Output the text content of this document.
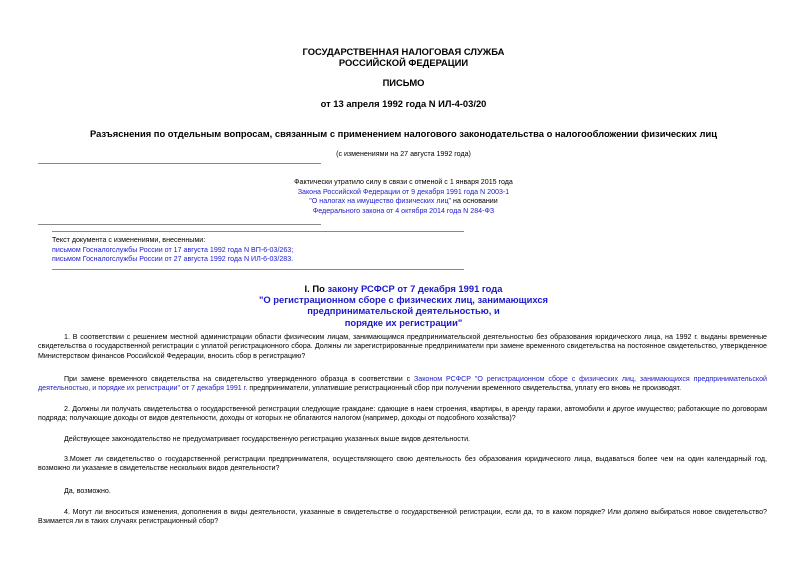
ГОСУДАРСТВЕННАЯ НАЛОГОВАЯ СЛУЖБА
РОССИЙСКОЙ ФЕДЕРАЦИИ
ПИСЬМО
от 13 апреля 1992 года N ИЛ-4-03/20
Разъяснения по отдельным вопросам, связанным с применением налогового законодательства о налогообложении физических лиц
(с изменениями на 27 августа 1992 года)
Фактически утратило силу в связи с отменой с 1 января 2015 года
Закона Российской Федерации от 9 декабря 1991 года N 2003-1
"О налогах на имущество физических лиц" на основании
Федерального закона от 4 октября 2014 года N 284-ФЗ
Текст документа с изменениями, внесенными:
письмом Госналогслужбы России от 17 августа 1992 года N ВП-6-03/263;
письмом Госналогслужбы России от 27 августа 1992 года N ИЛ-6-03/283.
I. По закону РСФСР от 7 декабря 1991 года
"О регистрационном сборе с физических лиц, занимающихся
предпринимательской деятельностью, и
порядке их регистрации"
1. В соответствии с решением местной администрации области физическим лицам, занимающимся предпринимательской деятельностью без образования юридического лица, на 1992 г. выданы временные свидетельства о государственной регистрации с уплатой регистрационного сбора. Должны ли зарегистрированные предприниматели при замене временного свидетельства на постоянное свидетельство, утвержденное Министерством финансов Российской Федерации, вносить сбор в регистрацию?
При замене временного свидетельства на свидетельство утвержденного образца в соответствии с Законом РСФСР "О регистрационном сборе с физических лиц, занимающихся предпринимательской деятельностью, и порядке их регистрации" от 7 декабря 1991 г. предприниматели, уплатившие регистрационный сбор при получении временного свидетельства, уплату его вновь не производят.
2. Должны ли получать свидетельства о государственной регистрации следующие граждане: сдающие в наем строения, квартиры, в аренду гаражи, автомобили и другое имущество; работающие по договорам подряда; получающие доходы от видов деятельности, доходы от которых не облагаются налогом (например, доходы от подсобного хозяйства)?
Действующее законодательство не предусматривает государственную регистрацию указанных выше видов деятельности.
3.Может ли свидетельство о государственной регистрации предпринимателя, осуществляющего свою деятельность без образования юридического лица, выдаваться более чем на один календарный год, возможно ли указание в свидетельстве нескольких видов деятельности?
Да, возможно.
4. Могут ли вноситься изменения, дополнения в виды деятельности, указанные в свидетельстве о государственной регистрации, если да, то в каком порядке? Или должно выбираться новое свидетельство? Взимается ли в таких случаях регистрационный сбор?
